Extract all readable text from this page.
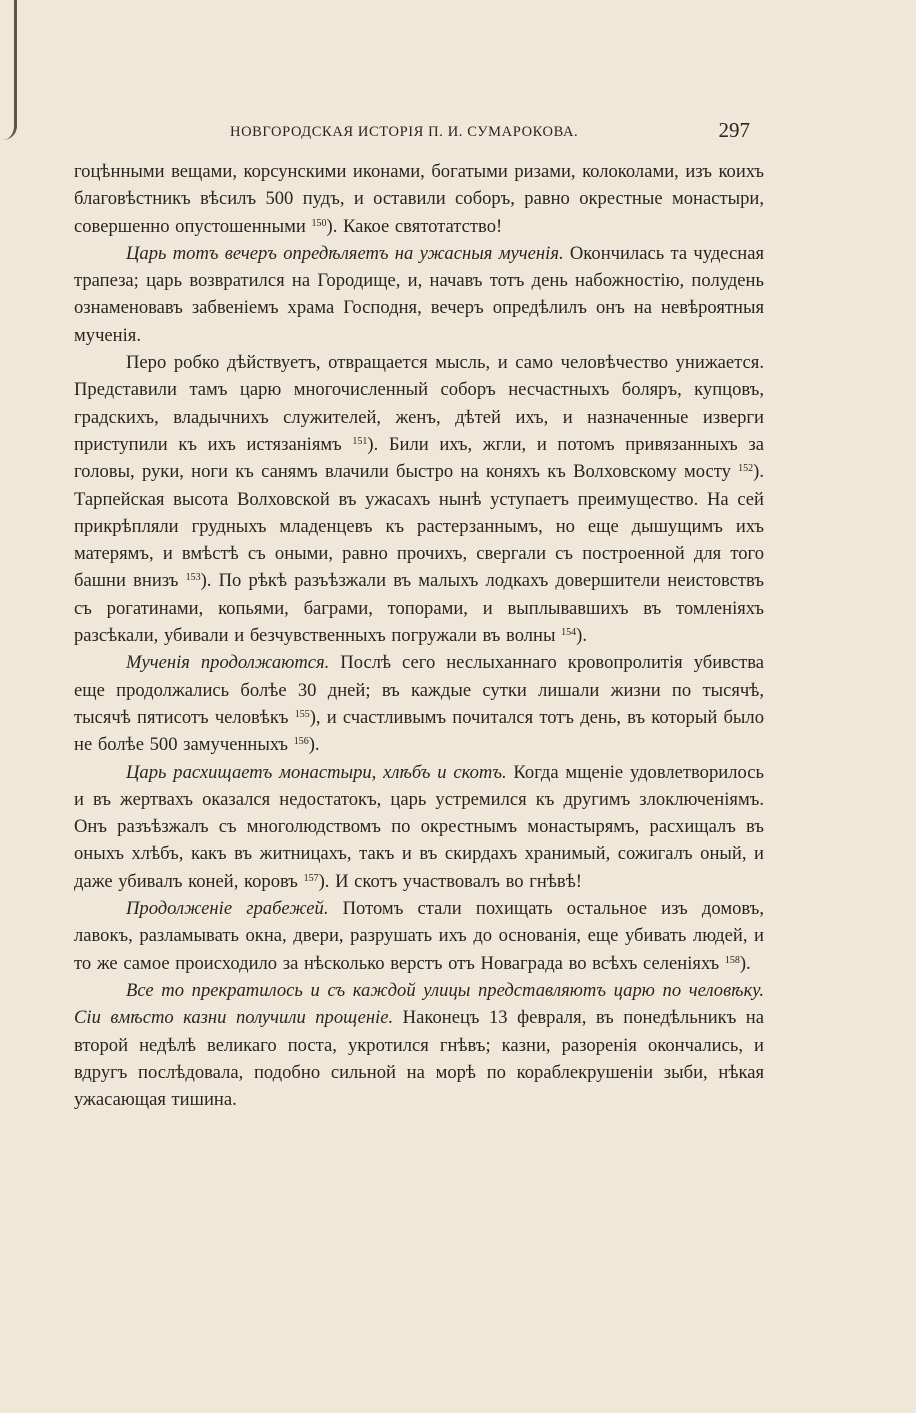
НОВГОРОДСКАЯ ИСТОРІЯ П. И. СУМАРОКОВА.	297

гоцѣнными вещами, корсунскими иконами, богатыми ризами, колоколами, изъ коихъ благовѣстникъ вѣсилъ 500 пудъ, и оставили соборъ, равно окрестные монастыри, совершенно опустошенными $^{150}$). Какое святотатство!

Царь тотъ вечеръ опредѣляетъ на ужасныя мученія. Окончилась та чудесная трапеза; царь возвратился на Городище, и, начавъ тотъ день набожностію, полудень ознаменовавъ забвеніемъ храма Господня, вечеръ опредѣлилъ онъ на невѣроятныя мученія.

Перо робко дѣйствуетъ, отвращается мысль, и само человѣчество унижается. Представили тамъ царю многочисленный соборъ несчастныхъ боляръ, купцовъ, градскихъ, владычнихъ служителей, женъ, дѣтей ихъ, и назначенные изверги приступили къ ихъ истязаніямъ $^{151}$). Били ихъ, жгли, и потомъ привязанныхъ за головы, руки, ноги къ санямъ влачили быстро на коняхъ къ Волховскому мосту $^{152}$). Тарпейская высота Волховской въ ужасахъ нынѣ уступаетъ преимущество. На сей прикрѣпляли грудныхъ младенцевъ къ растерзаннымъ, но еще дышущимъ ихъ матерямъ, и вмѣстѣ съ оными, равно прочихъ, свергали съ построенной для того башни внизъ $^{153}$). По рѣкѣ разъѣзжали въ малыхъ лодкахъ довершители неистовствъ съ рогатинами, копьями, баграми, топорами, и выплывавшихъ въ томленіяхъ разсѣкали, убивали и безчувственныхъ погружали въ волны $^{154}$).

Мученія продолжаются. Послѣ сего неслыханнаго кровопролитія убивства еще продолжались болѣе 30 дней; въ каждые сутки лишали жизни по тысячѣ, тысячѣ пятисотъ человѣкъ $^{155}$), и счастливымъ почитался тотъ день, въ который было не болѣе 500 замученныхъ $^{156}$).

Царь расхищаетъ монастыри, хлѣбъ и скотъ. Когда мщеніе удовлетворилось и въ жертвахъ оказался недостатокъ, царь устремился къ другимъ злоключеніямъ. Онъ разъѣзжалъ съ многолюдствомъ по окрестнымъ монастырямъ, расхищалъ въ оныхъ хлѣбъ, какъ въ житницахъ, такъ и въ скирдахъ хранимый, сожигалъ оный, и даже убивалъ коней, коровъ $^{157}$). И скотъ участвовалъ во гнѣвѣ!

Продолженіе грабежей. Потомъ стали похищать остальное изъ домовъ, лавокъ, разламывать окна, двери, разрушать ихъ до основанія, еще убивать людей, и то же самое происходило за нѣсколько верстъ отъ Новаграда во всѣхъ селеніяхъ $^{158}$).

Все то прекратилось и съ каждой улицы представляютъ царю по человѣку. Сіи вмѣсто казни получили прощеніе. Наконецъ 13 февраля, въ понедѣльникъ на второй недѣлѣ великаго поста, укротился гнѣвъ; казни, разоренія окончались, и вдругъ послѣдовала, подобно сильной на морѣ по кораблекрушеніи зыби, нѣкая ужасающая тишина.
